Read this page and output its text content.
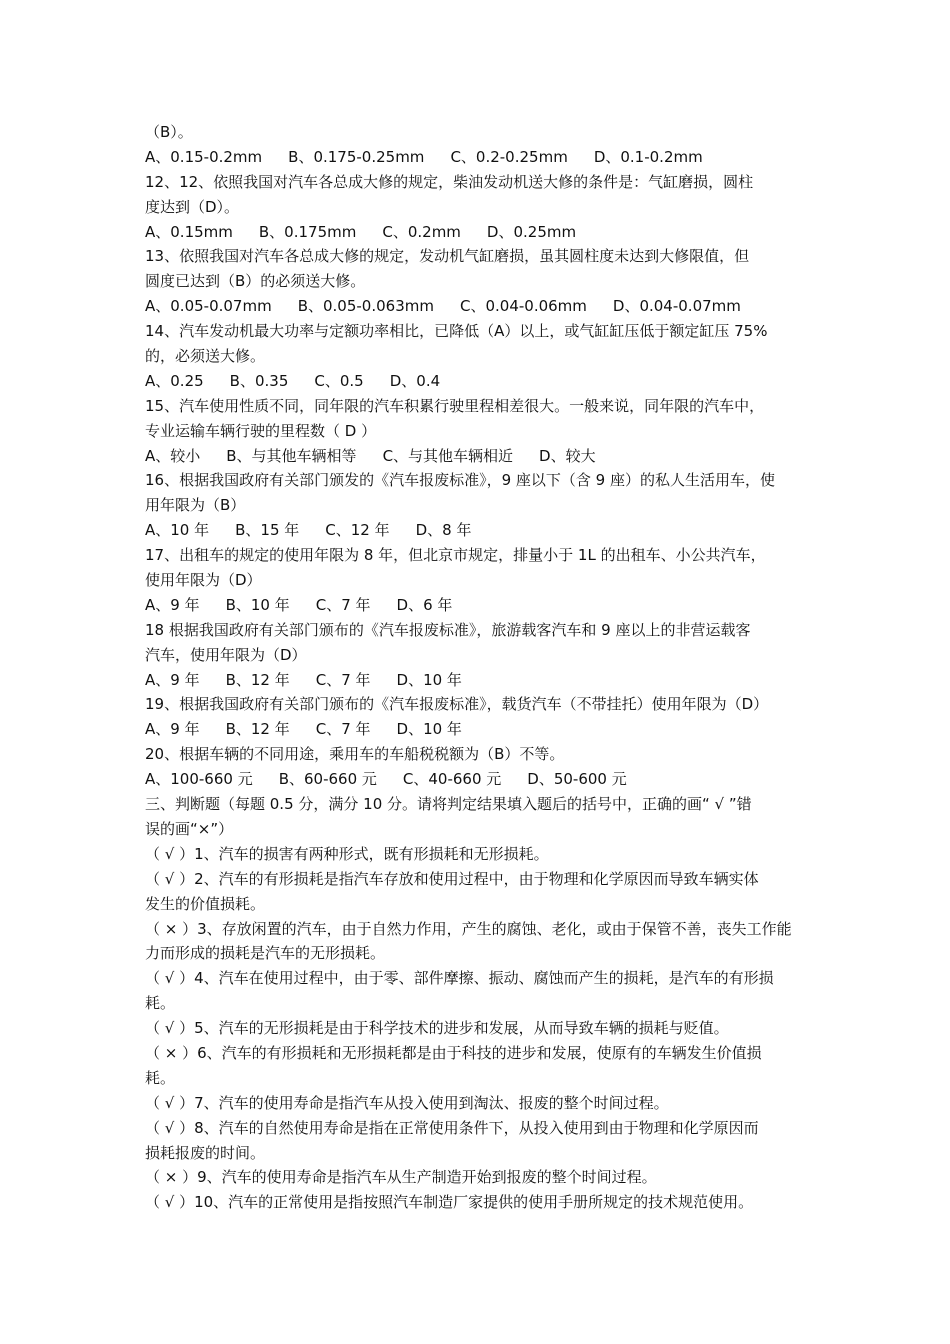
（B）。
A、0.15-0.2mm B、0.175-0.25mm C、0.2-0.25mm D、0.1-0.2mm
12、12、依照我国对汽车各总成大修的规定，柴油发动机送大修的条件是：气缸磨损，圆柱
度达到（D）。
A、0.15mm B、0.175mm C、0.2mm D、0.25mm
13、依照我国对汽车各总成大修的规定，发动机气缸磨损，虽其圆柱度未达到大修限值，但
圆度已达到（B）的必须送大修。
A、0.05-0.07mm B、0.05-0.063mm C、0.04-0.06mm D、0.04-0.07mm
14、汽车发动机最大功率与定额功率相比，已降低（A）以上，或气缸缸压低于额定缸压 75%
的，必须送大修。
A、0.25 B、0.35 C、0.5 D、0.4
15、汽车使用性质不同，同年限的汽车积累行驶里程相差很大。一般来说，同年限的汽车中，
专业运输车辆行驶的里程数（ D ）
A、较小 B、与其他车辆相等 C、与其他车辆相近 D、较大
16、根据我国政府有关部门颁发的《汽车报废标准》，9 座以下（含 9 座）的私人生活用车，使
用年限为（B）
A、10 年 B、15 年 C、12 年 D、8 年
17、出租车的规定的使用年限为 8 年，但北京市规定，排量小于 1L 的出租车、小公共汽车，
使用年限为（D）
A、9 年 B、10 年 C、7 年 D、6 年
18 根据我国政府有关部门颁布的《汽车报废标准》，旅游载客汽车和 9 座以上的非营运载客
汽车，使用年限为（D）
A、9 年 B、12 年 C、7 年 D、10 年
19、根据我国政府有关部门颁布的《汽车报废标准》，载货汽车（不带挂托）使用年限为（D）
A、9 年 B、12 年 C、7 年 D、10 年
20、根据车辆的不同用途，乘用车的车船税税额为（B）不等。
A、100-660 元 B、60-660 元 C、40-660 元 D、50-600 元
三、判断题（每题 0.5 分，满分 10 分。请将判定结果填入题后的括号中，正确的画“ √ ”错
误的画“×”）
（ √ ）1、汽车的损害有两种形式，既有形损耗和无形损耗。
（ √ ）2、汽车的有形损耗是指汽车存放和使用过程中，由于物理和化学原因而导致车辆实体
发生的价值损耗。
（ × ）3、存放闲置的汽车，由于自然力作用，产生的腐蚀、老化，或由于保管不善，丧失工作能
力而形成的损耗是汽车的无形损耗。
（ √ ）4、汽车在使用过程中，由于零、部件摩擦、振动、腐蚀而产生的损耗，是汽车的有形损
耗。
（ √ ）5、汽车的无形损耗是由于科学技术的进步和发展，从而导致车辆的损耗与贬值。
（ × ）6、汽车的有形损耗和无形损耗都是由于科技的进步和发展，使原有的车辆发生价值损
耗。
（ √ ）7、汽车的使用寿命是指汽车从投入使用到淘汰、报废的整个时间过程。
（ √ ）8、汽车的自然使用寿命是指在正常使用条件下，从投入使用到由于物理和化学原因而
损耗报废的时间。
（ × ）9、汽车的使用寿命是指汽车从生产制造开始到报废的整个时间过程。
（ √ ）10、汽车的正常使用是指按照汽车制造厂家提供的使用手册所规定的技术规范使用。
